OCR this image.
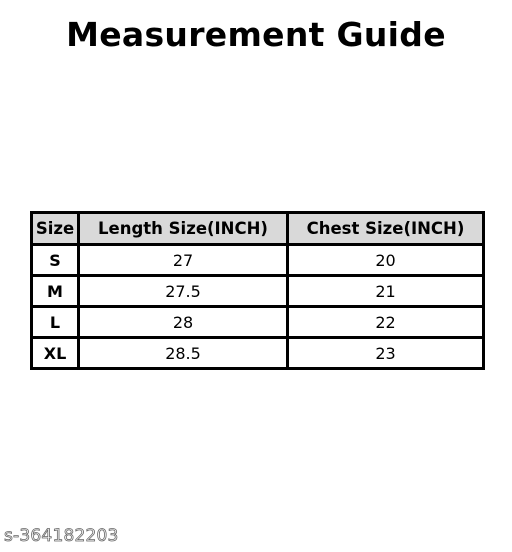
Measurement Guide
Size	Length Size(INCH)	Chest Size(INCH)
S	27	20
M	27.5	21
L	28	22
XL	28.5	23
s-364182203
